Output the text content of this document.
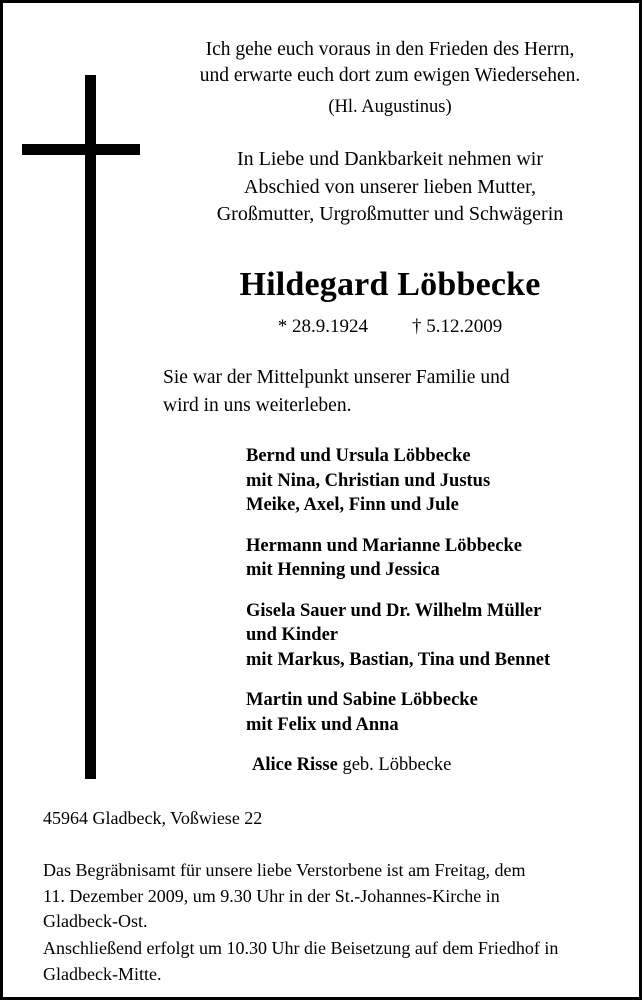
Ich gehe euch voraus in den Frieden des Herrn,
und erwarte euch dort zum ewigen Wiedersehen.
(Hl. Augustinus)
In Liebe und Dankbarkeit nehmen wir
Abschied von unserer lieben Mutter,
Großmutter, Urgroßmutter und Schwägerin
Hildegard Löbbecke
* 28.9.1924 † 5.12.2009
Sie war der Mittelpunkt unserer Familie und
wird in uns weiterleben.
Bernd und Ursula Löbbecke
mit Nina, Christian und Justus
Meike, Axel, Finn und Jule
Hermann und Marianne Löbbecke
mit Henning und Jessica
Gisela Sauer und Dr. Wilhelm Müller
und Kinder
mit Markus, Bastian, Tina und Bennet
Martin und Sabine Löbbecke
mit Felix und Anna
Alice Risse geb. Löbbecke
45964 Gladbeck, Voßwiese 22
Das Begräbnisamt für unsere liebe Verstorbene ist am Freitag, dem
11. Dezember 2009, um 9.30 Uhr in der St.-Johannes-Kirche in
Gladbeck-Ost.
Anschließend erfolgt um 10.30 Uhr die Beisetzung auf dem Friedhof in
Gladbeck-Mitte.
